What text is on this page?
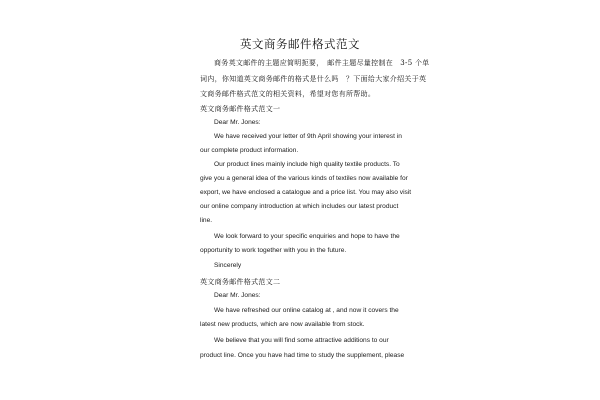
英文商务邮件格式范文
商务英文邮件的主题应简明扼要，　邮件主题尽量控制在　3-5 个单
词内，你知道英文商务邮件的格式是什么吗　？下面给大家介绍关于英
文商务邮件格式范文的相关资料，希望对您有所帮助。
英文商务邮件格式范文一
Dear Mr. Jones:
We have received your letter of 9th April showing your interest in
our complete product information.
Our product lines mainly include high quality textile products. To
give you a general idea of the various kinds of textiles now available for
export, we have enclosed a catalogue and a price list. You may also visit
our online company introduction at which includes our latest product
line.
We look forward to your specific enquiries and hope to have the
opportunity to work together with you in the future.
Sincerely
英文商务邮件格式范文二
Dear Mr. Jones:
We have refreshed our online catalog at , and now it covers the
latest new products, which are now available from stock.
We believe that you will find some attractive additions to our
product line. Once you have had time to study the supplement, please
